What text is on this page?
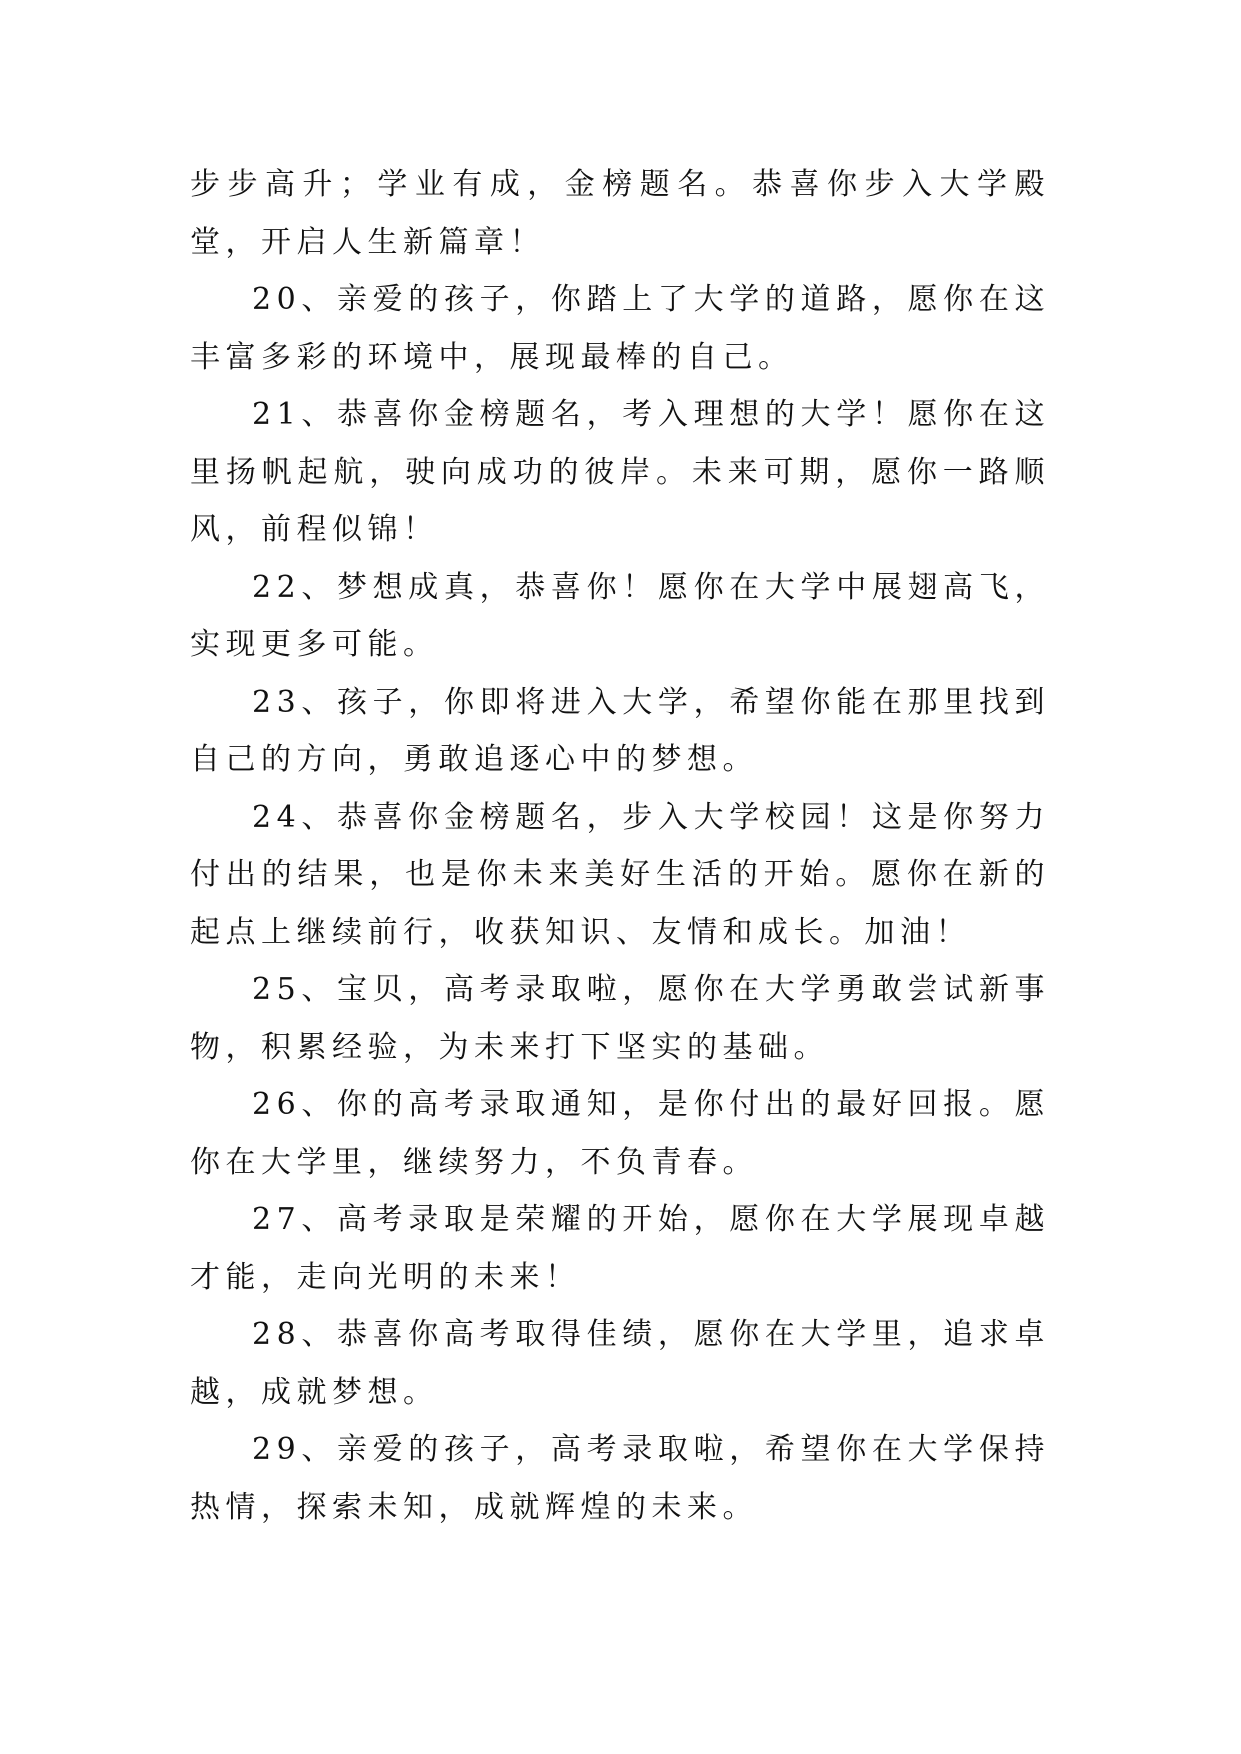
步步高升；学业有成，金榜题名。恭喜你步入大学殿堂，开启人生新篇章！

20、亲爱的孩子，你踏上了大学的道路，愿你在这丰富多彩的环境中，展现最棒的自己。

21、恭喜你金榜题名，考入理想的大学！愿你在这里扬帆起航，驶向成功的彼岸。未来可期，愿你一路顺风，前程似锦！

22、梦想成真，恭喜你！愿你在大学中展翅高飞，实现更多可能。

23、孩子，你即将进入大学，希望你能在那里找到自己的方向，勇敢追逐心中的梦想。

24、恭喜你金榜题名，步入大学校园！这是你努力付出的结果，也是你未来美好生活的开始。愿你在新的起点上继续前行，收获知识、友情和成长。加油！

25、宝贝，高考录取啦，愿你在大学勇敢尝试新事物，积累经验，为未来打下坚实的基础。

26、你的高考录取通知，是你付出的最好回报。愿你在大学里，继续努力，不负青春。

27、高考录取是荣耀的开始，愿你在大学展现卓越才能，走向光明的未来！

28、恭喜你高考取得佳绩，愿你在大学里，追求卓越，成就梦想。

29、亲爱的孩子，高考录取啦，希望你在大学保持热情，探索未知，成就辉煌的未来。
